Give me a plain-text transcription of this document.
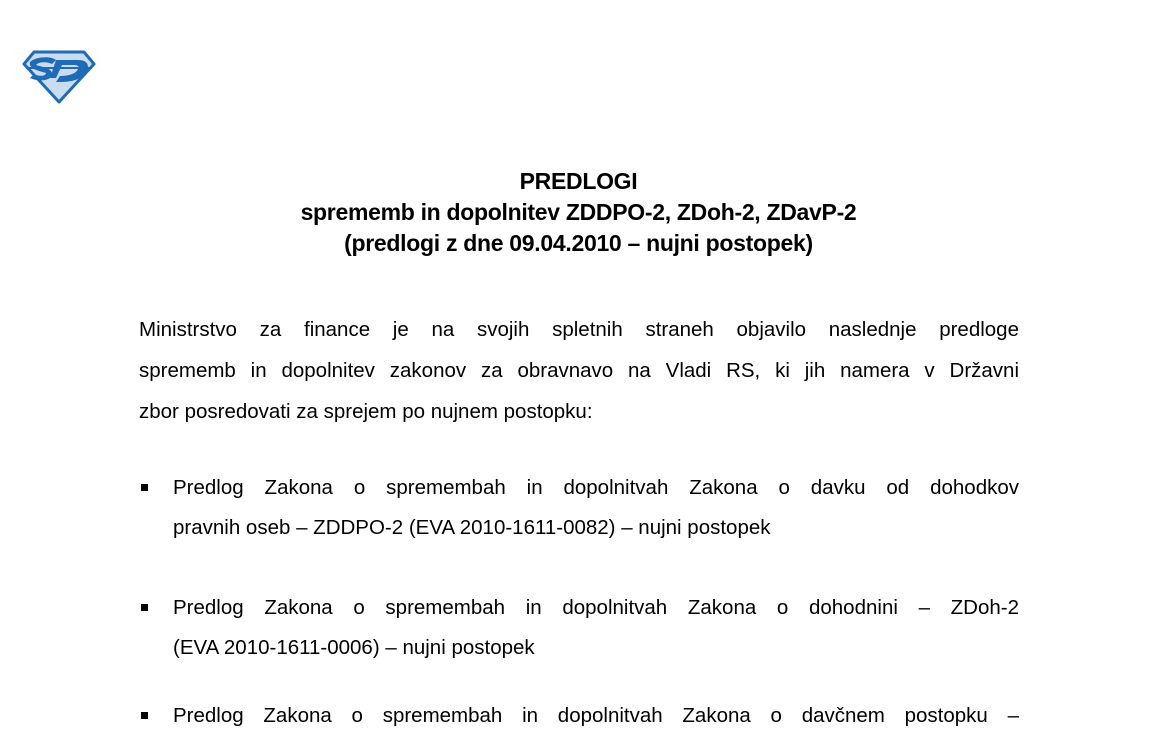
PREDLOGI
sprememb in dopolnitev ZDDPO-2, ZDoh-2, ZDavP-2
(predlogi z dne 09.04.2010 – nujni postopek)
Ministrstvo za finance je na svojih spletnih straneh objavilo naslednje predloge
sprememb in dopolnitev zakonov za obravnavo na Vladi RS, ki jih namera v Državni
zbor posredovati za sprejem po nujnem postopku:
Predlog Zakona o spremembah in dopolnitvah Zakona o davku od dohodkov
pravnih oseb – ZDDPO-2 (EVA 2010-1611-0082) – nujni postopek
Predlog Zakona o spremembah in dopolnitvah Zakona o dohodnini – ZDoh-2
(EVA 2010-1611-0006) – nujni postopek
Predlog Zakona o spremembah in dopolnitvah Zakona o davčnem postopku –
